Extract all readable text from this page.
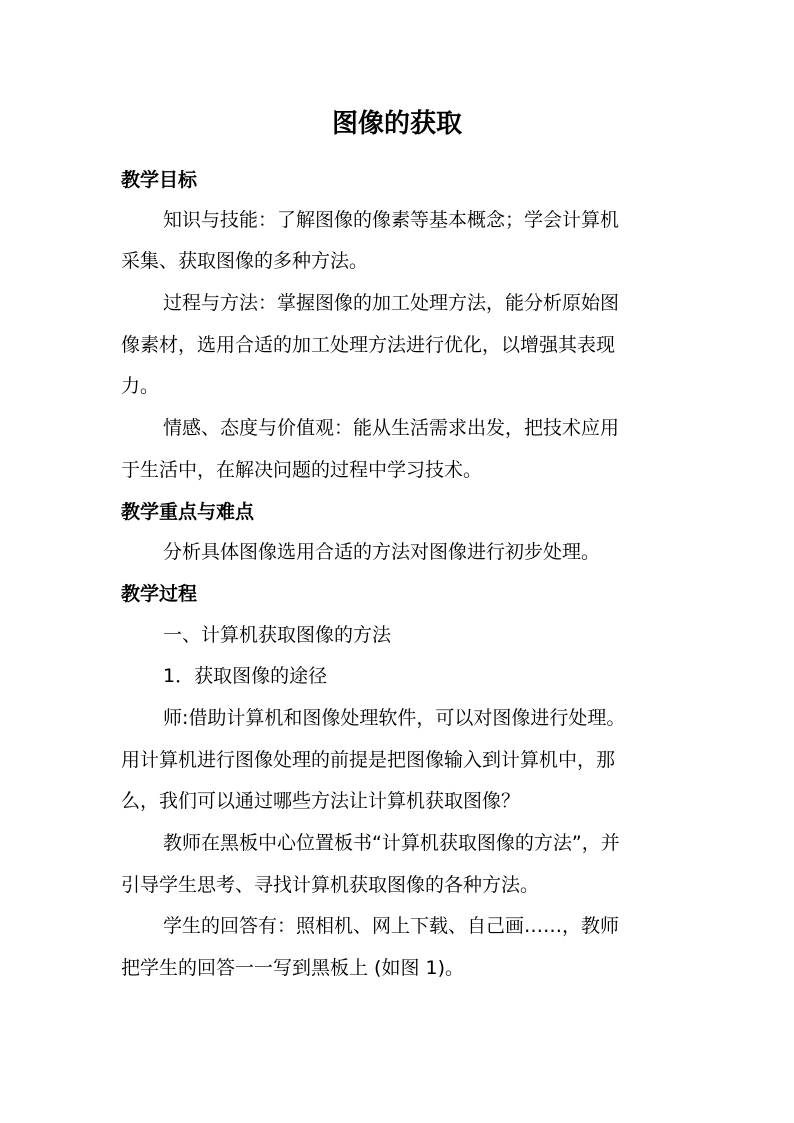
图像的获取
教学目标
知识与技能：了解图像的像素等基本概念；学会计算机
采集、获取图像的多种方法。
过程与方法：掌握图像的加工处理方法，能分析原始图
像素材，选用合适的加工处理方法进行优化，以增强其表现
力。
情感、态度与价值观：能从生活需求出发，把技术应用
于生活中，在解决问题的过程中学习技术。
教学重点与难点
分析具体图像选用合适的方法对图像进行初步处理。
教学过程
一、计算机获取图像的方法
1．获取图像的途径
师:借助计算机和图像处理软件，可以对图像进行处理。
用计算机进行图像处理的前提是把图像输入到计算机中，那
么，我们可以通过哪些方法让计算机获取图像？
教师在黑板中心位置板书“计算机获取图像的方法”，并
引导学生思考、寻找计算机获取图像的各种方法。
学生的回答有：照相机、网上下载、自己画……，教师
把学生的回答一一写到黑板上 (如图 1)。
